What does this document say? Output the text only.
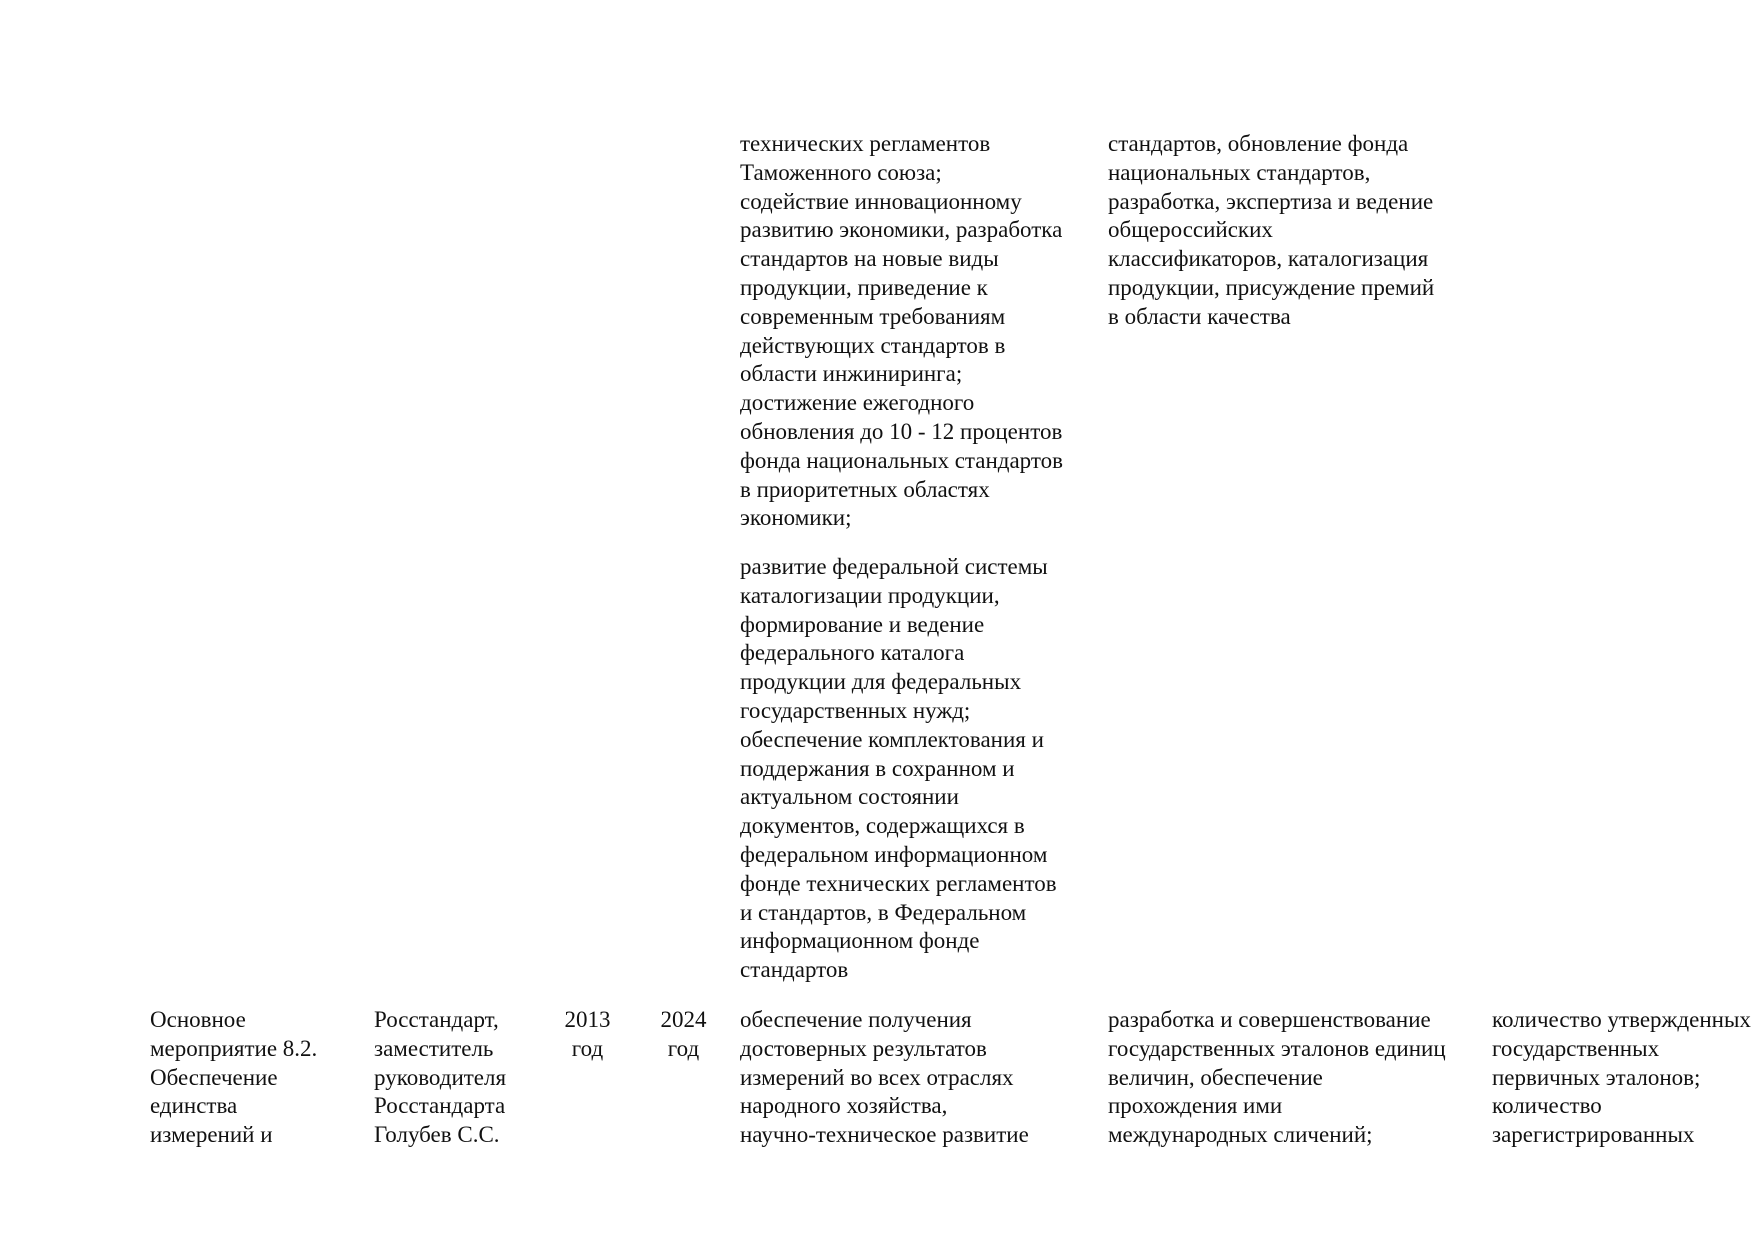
технических регламентов
Таможенного союза;
содействие инновационному
развитию экономики, разработка
стандартов на новые виды
продукции, приведение к
современным требованиям
действующих стандартов в
области инжиниринга;
достижение ежегодного
обновления до 10 - 12 процентов
фонда национальных стандартов
в приоритетных областях
экономики;

стандартов, обновление фонда
национальных стандартов,
разработка, экспертиза и ведение
общероссийских
классификаторов, каталогизация
продукции, присуждение премий
в области качества

развитие федеральной системы
каталогизации продукции,
формирование и ведение
федерального каталога
продукции для федеральных
государственных нужд;
обеспечение комплектования и
поддержания в сохранном и
актуальном состоянии
документов, содержащихся в
федеральном информационном
фонде технических регламентов
и стандартов, в Федеральном
информационном фонде
стандартов

Основное
мероприятие 8.2.
Обеспечение
единства
измерений и

Росстандарт,
заместитель
руководителя
Росстандарта
Голубев С.С.

2013
год

2024
год

обеспечение получения
достоверных результатов
измерений во всех отраслях
народного хозяйства,
научно-техническое развитие

разработка и совершенствование
государственных эталонов единиц
величин, обеспечение
прохождения ими
международных сличений;

количество утвержденных
государственных
первичных эталонов;
количество
зарегистрированных
